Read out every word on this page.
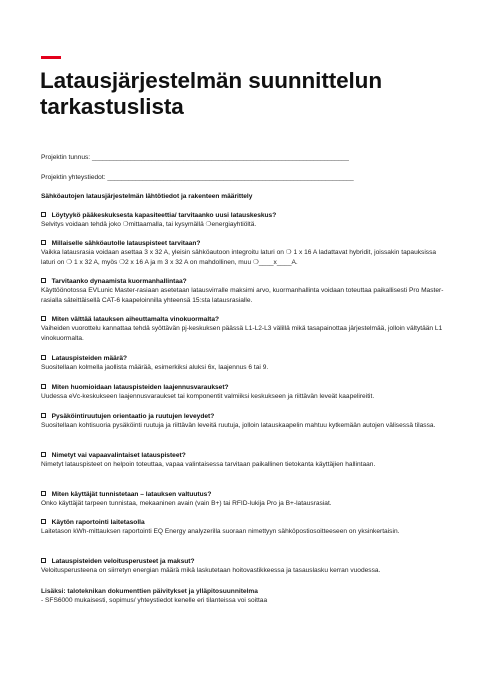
Latausjärjestelmän suunnittelun
tarkastuslista
Projektin tunnus: _________________________________________________________________________
Projektin yhteystiedot: ______________________________________________________________________
Sähköautojen latausjärjestelmän lähtötiedot ja rakenteen määrittely
Löytyykö pääkeskuksesta kapasiteettia/ tarvitaanko uusi latauskeskus?
Selvitys voidaan tehdä joko ❍mittaamalla, tai kysymällä ❍energiayhtiöltä.
Millaiselle sähköautolle latauspisteet tarvitaan?
Vaikka latausrasia voidaan asettaa 3 x 32 A, yleisin sähköautoon integroitu laturi on ❍ 1 x 16 A ladattavat hybridit, joissakin tapauksissa laturi on ❍ 1 x 32 A, myös ❍2 x 16 A ja m 3 x 32 A on mahdollinen, muu ❍____x____A.
Tarvitaanko dynaamista kuormanhallintaa?
Käyttöönotossa EVLunic Master-rasiaan asetetaan latausvirralle maksimi arvo, kuormanhallinta voidaan toteuttaa paikallisesti Pro Master-rasialla säteittäisellä CAT-6 kaapeloinnilla yhteensä 15:sta latausrasialle.
Miten välttää latauksen aiheuttamalta vinokuormalta?
Vaiheiden vuorottelu kannattaa tehdä syöttävän pj-keskuksen päässä L1-L2-L3 välillä mikä tasapainottaa järjestelmää, jolloin vältytään L1 vinokuormalta.
Latauspisteiden määrä?
Suositellaan kolmella jaollista määrää, esimerkiksi aluksi 6x, laajennus 6 tai 9.
Miten huomioidaan latauspisteiden laajennusvaraukset?
Uudessa eVc-keskukseen laajennusvaraukset tai komponentit valmiiksi keskukseen ja riittävän leveät kaapelireitit.
Pysäköintiruutujen orientaatio ja ruutujen leveydet?
Suositellaan kohtisuoria pysäköinti ruutuja ja riittävän leveitä ruutuja, jolloin latauskaapelin mahtuu kytkemään autojen välisessä tilassa.
Nimetyt vai vapaavalintaiset latauspisteet?
Nimetyt latauspisteet on helpoin toteuttaa, vapaa valintaisessa tarvitaan paikallinen tietokanta käyttäjien hallintaan.
Miten käyttäjät tunnistetaan – latauksen valtuutus?
Onko käyttäjät tarpeen tunnistaa, mekaaninen avain (vain B+) tai RFID-lukija Pro ja B+-latausrasiat.
Käytön raportointi laitetasolla
Laitetason kWh-mittauksen raportointi EQ Energy analyzerilla suoraan nimettyyn sähköpostiosoitteeseen on yksinkertaisin.
Latauspisteiden veloitusperusteet ja maksut?
Veloitusperusteena on siirretyn energian määrä mikä laskutetaan hoitovastikkeessa ja tasauslasku kerran vuodessa.
Lisäksi: taloteknikan dokumenttien päivitykset ja ylläpitosuunnitelma
- SFS6000 mukaisesti, sopimus/ yhteystiedot kenelle eri tilanteissa voi soittaa
